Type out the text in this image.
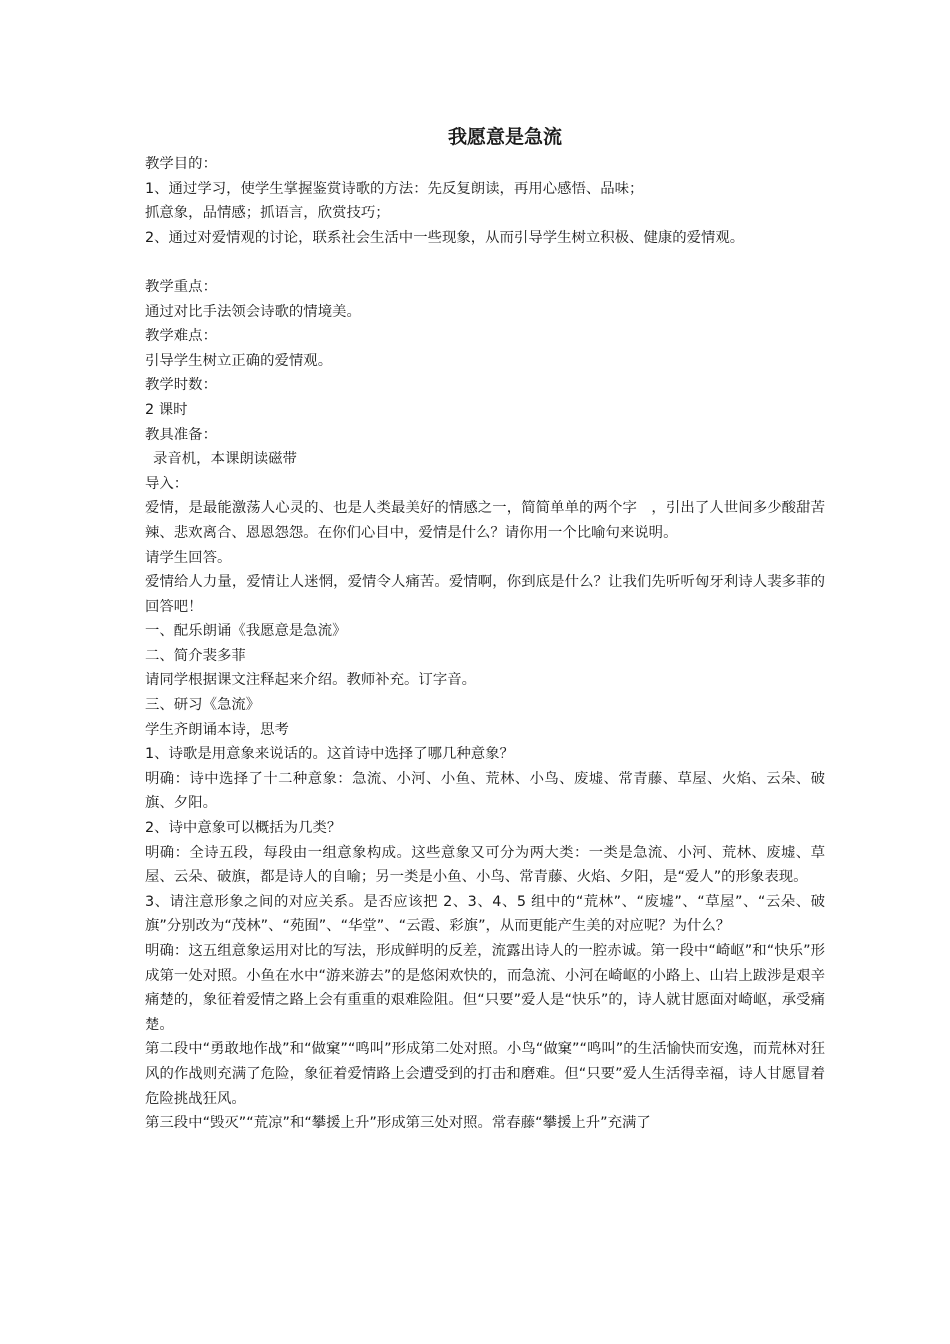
我愿意是急流
教学目的：
1、通过学习，使学生掌握鉴赏诗歌的方法：先反复朗读，再用心感悟、品味；
抓意象，品情感；抓语言，欣赏技巧；
2、通过对爱情观的讨论，联系社会生活中一些现象，从而引导学生树立积极、健康的爱情观。
教学重点：
通过对比手法领会诗歌的情境美。
教学难点：
引导学生树立正确的爱情观。
教学时数：
2 课时
教具准备：
录音机，本课朗读磁带
导入：

爱情，是最能激荡人心灵的、也是人类最美好的情感之一，简简单单的两个字　，引出了人世间多少酸甜苦辣、悲欢离合、恩恩怨怨。在你们心目中，爱情是什么？请你用一个比喻句来说明。

请学生回答。

爱情给人力量，爱情让人迷惘，爱情令人痛苦。爱情啊，你到底是什么？让我们先听听匈牙利诗人裴多菲的回答吧！

一、配乐朗诵《我愿意是急流》

二、简介裴多菲

请同学根据课文注释起来介绍。教师补充。订字音。

三、研习《急流》

学生齐朗诵本诗，思考

1、诗歌是用意象来说话的。这首诗中选择了哪几种意象？

明确：诗中选择了十二种意象：急流、小河、小鱼、荒林、小鸟、废墟、常青藤、草屋、火焰、云朵、破旗、夕阳。

2、诗中意象可以概括为几类？

明确：全诗五段，每段由一组意象构成。这些意象又可分为两大类：一类是急流、小河、荒林、废墟、草屋、云朵、破旗，都是诗人的自喻；另一类是小鱼、小鸟、常青藤、火焰、夕阳，是“爱人”的形象表现。

3、请注意形象之间的对应关系。是否应该把 2、3、4、5 组中的“荒林”、“废墟”、“草屋”、“云朵、破旗”分别改为“茂林”、“苑囿”、“华堂”、“云霞、彩旗”，从而更能产生美的对应呢？为什么？

明确：这五组意象运用对比的写法，形成鲜明的反差，流露出诗人的一腔赤诚。第一段中“崎岖”和“快乐”形成第一处对照。小鱼在水中“游来游去”的是悠闲欢快的，而急流、小河在崎岖的小路上、山岩上跋涉是艰辛痛楚的，象征着爱情之路上会有重重的艰难险阻。但“只要”爱人是“快乐”的，诗人就甘愿面对崎岖，承受痛楚。

第二段中“勇敢地作战”和“做窠”“鸣叫”形成第二处对照。小鸟“做窠”“鸣叫”的生活愉快而安逸，而荒林对狂风的作战则充满了危险，象征着爱情路上会遭受到的打击和磨难。但“只要”爱人生活得幸福，诗人甘愿冒着危险挑战狂风。

第三段中“毁灭”“荒凉”和“攀援上升”形成第三处对照。常春藤“攀援上升”充满了
